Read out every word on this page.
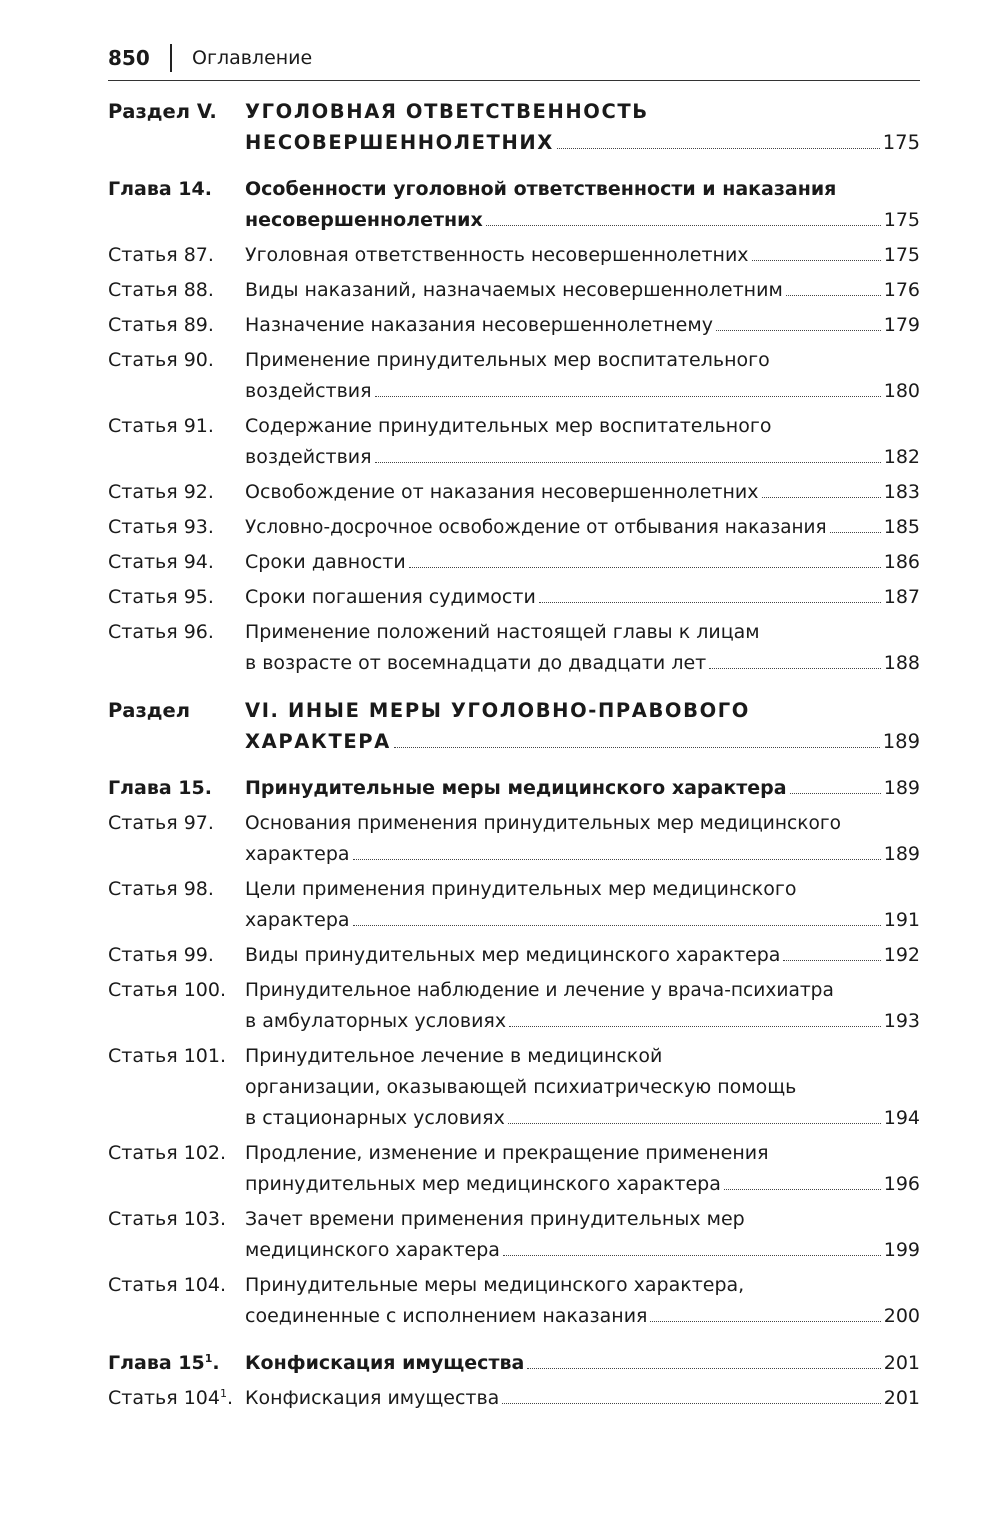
850 Оглавление
Раздел V. УГОЛОВНАЯ ОТВЕТСТВЕННОСТЬ
НЕСОВЕРШЕННОЛЕТНИХ	175
Глава 14. Особенности уголовной ответственности и наказания
несовершеннолетних	175
Статья 87. Уголовная ответственность несовершеннолетних	175
Статья 88. Виды наказаний, назначаемых несовершеннолетним	176
Статья 89. Назначение наказания несовершеннолетнему	179
Статья 90. Применение принудительных мер воспитательного
воздействия	180
Статья 91. Содержание принудительных мер воспитательного
воздействия	182
Статья 92. Освобождение от наказания несовершеннолетних	183
Статья 93. Условно-досрочное освобождение от отбывания наказания	185
Статья 94. Сроки давности	186
Статья 95. Сроки погашения судимости	187
Статья 96. Применение положений настоящей главы к лицам
в возрасте от восемнадцати до двадцати лет	188
Раздел	VI. ИНЫЕ МЕРЫ УГОЛОВНО-ПРАВОВОГО
ХАРАКТЕРА	189
Глава 15. Принудительные меры медицинского характера	189
Статья 97. Основания применения принудительных мер медицинского
характера	189
Статья 98. Цели применения принудительных мер медицинского
характера	191
Статья 99. Виды принудительных мер медицинского характера	192
Статья 100. Принудительное наблюдение и лечение у врача-психиатра
в амбулаторных условиях	193
Статья 101. Принудительное лечение в медицинской
организации, оказывающей психиатрическую помощь
в стационарных условиях	194
Статья 102. Продление, изменение и прекращение применения
принудительных мер медицинского характера	196
Статья 103. Зачет времени применения принудительных мер
медицинского характера	199
Статья 104. Принудительные меры медицинского характера,
соединенные с исполнением наказания	200
Глава $15^1$. Конфискация имущества	201
Статья $104^1$. Конфискация имущества	201
